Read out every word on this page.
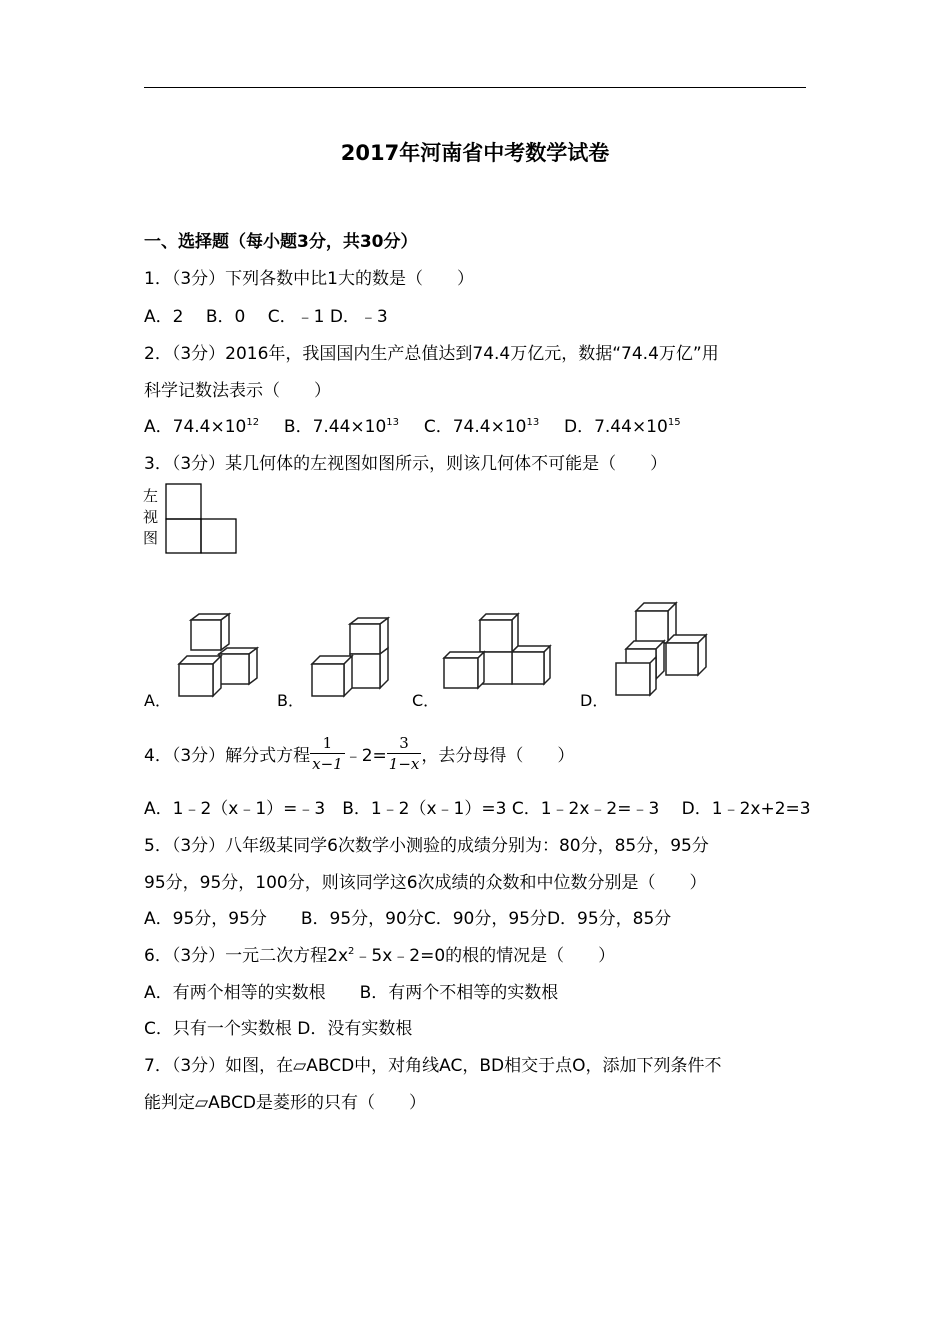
2017年河南省中考数学试卷
一、选择题（每小题3分，共30分）
1．（3分）下列各数中比1大的数是（　　）
A．2　 B．0　 C．﹣1 D．﹣3
2．（3分）2016年，我国国内生产总值达到74.4万亿元，数据“74.4万亿”用
科学记数法表示（　　）
A．$74.4\times 10^{12}$ B．$7.44\times 10^{13}$ C．$74.4\times 10^{13}$ D．$7.44\times 10^{15}$
3．（3分）某几何体的左视图如图所示，则该几何体不可能是（　　）
左
视
图
A．	B．	C．	D．
4．（3分）解分式方程 $\frac{1}{x-1}$ ﹣2= $\frac{3}{1-x}$ ，去分母得（　　）
A．1﹣2（x﹣1）=﹣3　B．1﹣2（x﹣1）=3 C．1﹣2x﹣2=﹣3　 D．1﹣2x+2=3
5．（3分）八年级某同学6次数学小测验的成绩分别为：80分，85分，95分
95分，95分，100分，则该同学这6次成绩的众数和中位数分别是（　　）
A．95分，95分　　B．95分，90分C．90分，95分D．95分，85分
6．（3分）一元二次方程$2x^2﹣5x﹣2=0$的根的情况是（　　）
A．有两个相等的实数根　　B．有两个不相等的实数根
C．只有一个实数根 D．没有实数根
7．（3分）如图，在▱ABCD中，对角线AC，BD相交于点O，添加下列条件不
能判定▱ABCD是菱形的只有（　　）
